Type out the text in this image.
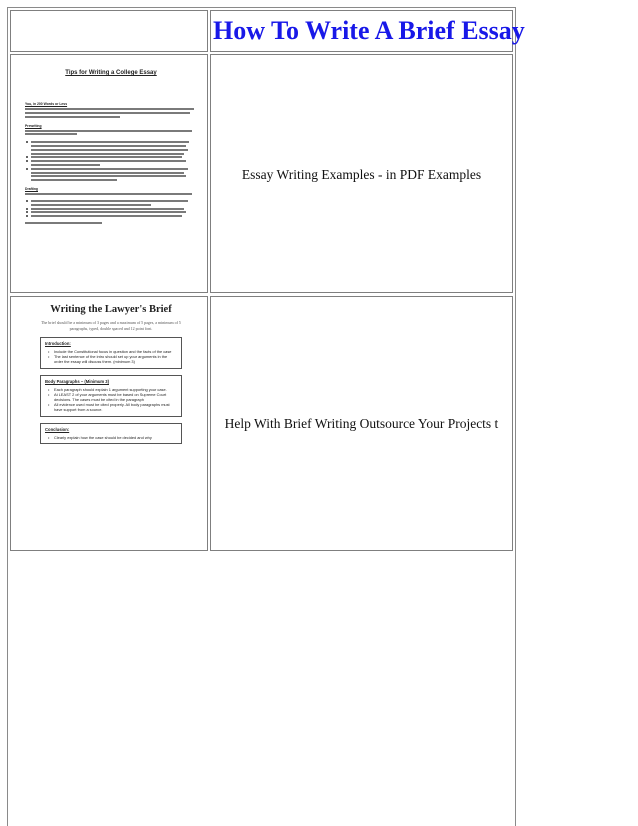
How To Write A Brief Essay
Tips for Writing a College Essay
You, in 200 Words or Less
Prewriting
Drafting
Essay Writing Examples - in PDF Examples
Writing the Lawyer's Brief
The brief should be a minimum of 3 pages and a maximum of 5 pages, a minimum of 5 paragraphs, typed, double spaced and 12 point font.
Introduction:
• Include the Constitutional focus in question and the facts of the case
• The last sentence of the intro should set up your arguments in the order the essay will discuss them. (minimum 3)
Body Paragraphs – (Minimum 3)
• Each paragraph should explain 1 argument supporting your case.
• At LEAST 2 of your arguments must be based on Supreme Court decisions. The cases must be cited in the paragraph
• All evidence used must be cited properly. All body paragraphs must have support from a source.
Conclusion:
• Clearly explain how the case should be decided and why
Help With Brief Writing Outsource Your Projects t
